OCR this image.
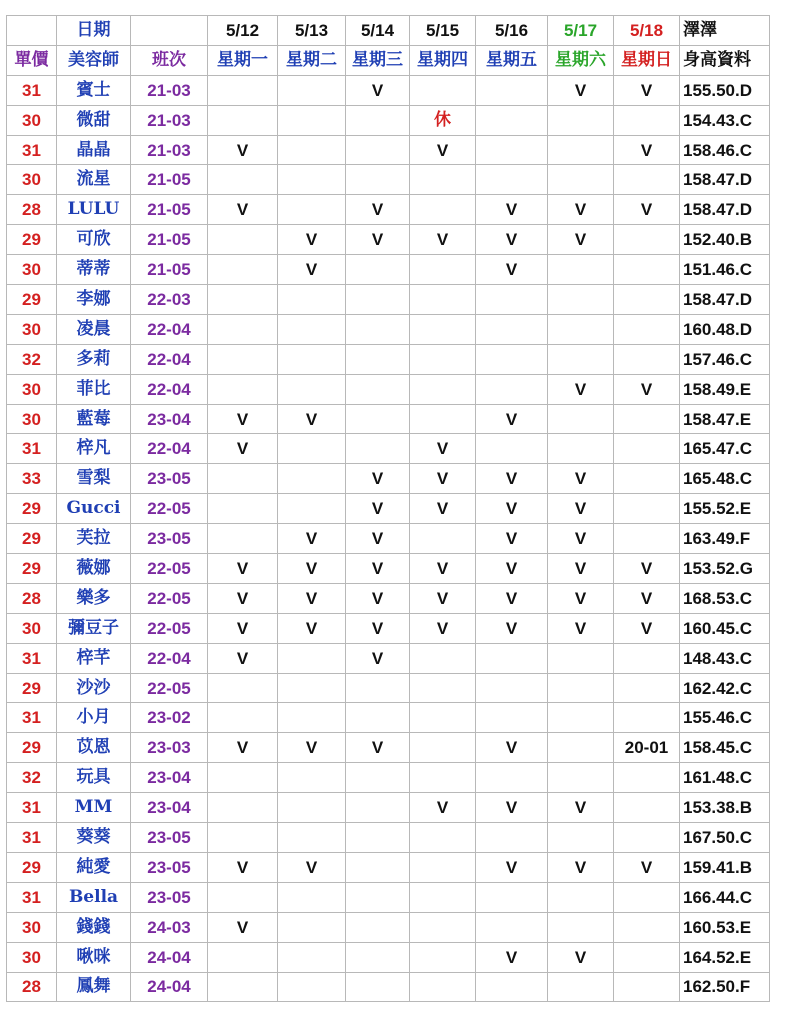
	日期		5/12	5/13	5/14	5/15	5/16	5/17	5/18	澤澤
單價	美容師	班次	星期一	星期二	星期三	星期四	星期五	星期六	星期日	身高資料
31	賓士	21-03			V			V	V	155.50.D
30	微甜	21-03				休				154.43.C
31	晶晶	21-03	V			V			V	158.46.C
30	流星	21-05								158.47.D
28	LULU	21-05	V		V		V	V	V	158.47.D
29	可欣	21-05		V	V	V	V	V		152.40.B
30	蒂蒂	21-05		V			V			151.46.C
29	李娜	22-03								158.47.D
30	凌晨	22-04								160.48.D
32	多莉	22-04								157.46.C
30	菲比	22-04						V	V	158.49.E
30	藍莓	23-04	V	V			V			158.47.E
31	梓凡	22-04	V			V				165.47.C
33	雪梨	23-05			V	V	V	V		165.48.C
29	Gucci	22-05			V	V	V	V		155.52.E
29	芙拉	23-05		V	V		V	V		163.49.F
29	薇娜	22-05	V	V	V	V	V	V	V	153.52.G
28	樂多	22-05	V	V	V	V	V	V	V	168.53.C
30	彌豆子	22-05	V	V	V	V	V	V	V	160.45.C
31	梓芊	22-04	V		V					148.43.C
29	沙沙	22-05								162.42.C
31	小月	23-02								155.46.C
29	苡恩	23-03	V	V	V		V		20-01	158.45.C
32	玩具	23-04								161.48.C
31	MM	23-04				V	V	V		153.38.B
31	葵葵	23-05								167.50.C
29	純愛	23-05	V	V			V	V	V	159.41.B
31	Bella	23-05								166.44.C
30	錢錢	24-03	V							160.53.E
30	啾咪	24-04					V	V		164.52.E
28	鳳舞	24-04								162.50.F
